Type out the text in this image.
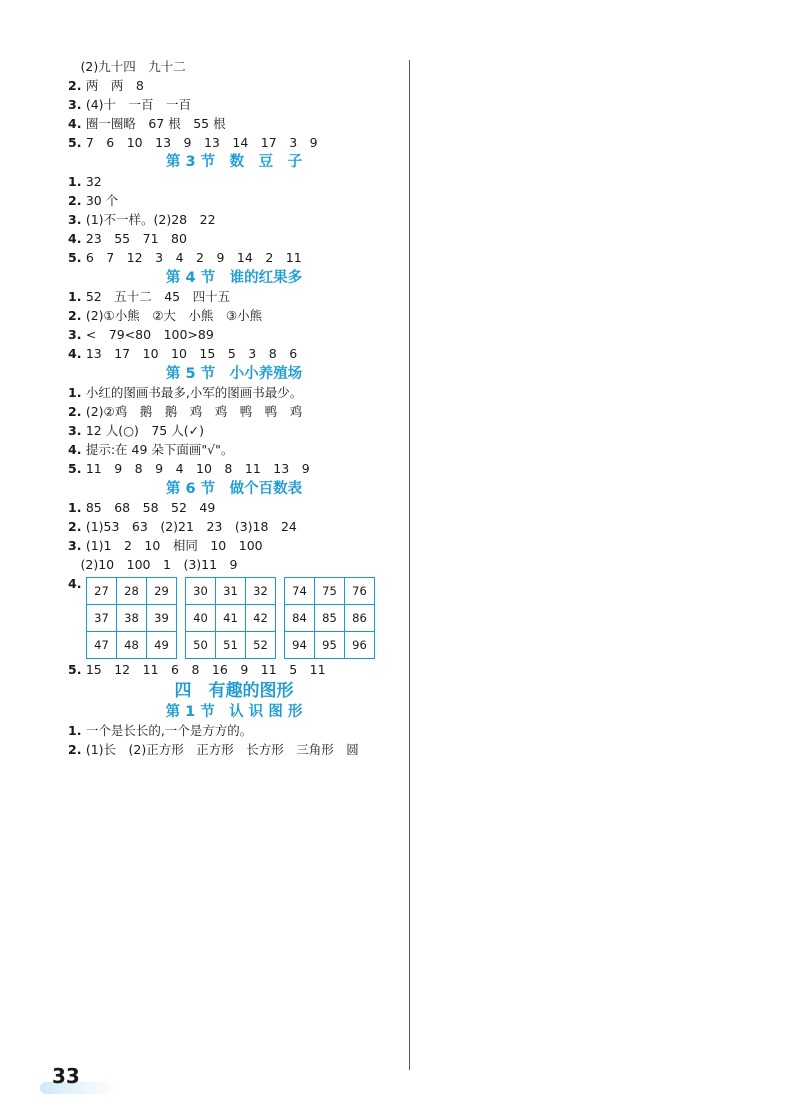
　(2)九十四　九十二
2. 两　两　8
3. (4)十　一百　一百
4. 圈一圈略　67 根　55 根
5. 7　6　10　13　9　13　14　17　3　9
第 3 节　数　豆　子
1. 32
2. 30 个
3. (1)不一样。(2)28　22
4. 23　55　71　80
5. 6　7　12　3　4　2　9　14　2　11
第 4 节　谁的红果多
1. 52　五十二　45　四十五
2. (2)①小熊　②大　小熊　③小熊
3. <　79<80　100>89
4. 13　17　10　10　15　5　3　8　6
第 5 节　小小养殖场
1. 小红的图画书最多,小军的图画书最少。
2. (2)②鸡　鹅　鹅　鸡　鸡　鸭　鸭　鸡
3. 12 人(○)　75 人(✓)
4. 提示:在 49 朵下面画"√"。
5. 11　9　8　9　4　10　8　11　13　9
第 6 节　做个百数表
1. 85　68　58　52　49
2. (1)53　63　(2)21　23　(3)18　24
3. (1)1　2　10　相同　10　100
　(2)10　100　1　(3)11　9
4.	27	28	29
37	38	39
47	48	49
30	31	32
40	41	42
50	51	52
74	75	76
84	85	86
94	95	96
5. 15　12　11　6　8　16　9　11　5　11
四　有趣的图形
第 1 节　认 识 图 形
1. 一个是长长的,一个是方方的。
2. (1)长　(2)正方形　正方形　长方形　三角形　圆
33
